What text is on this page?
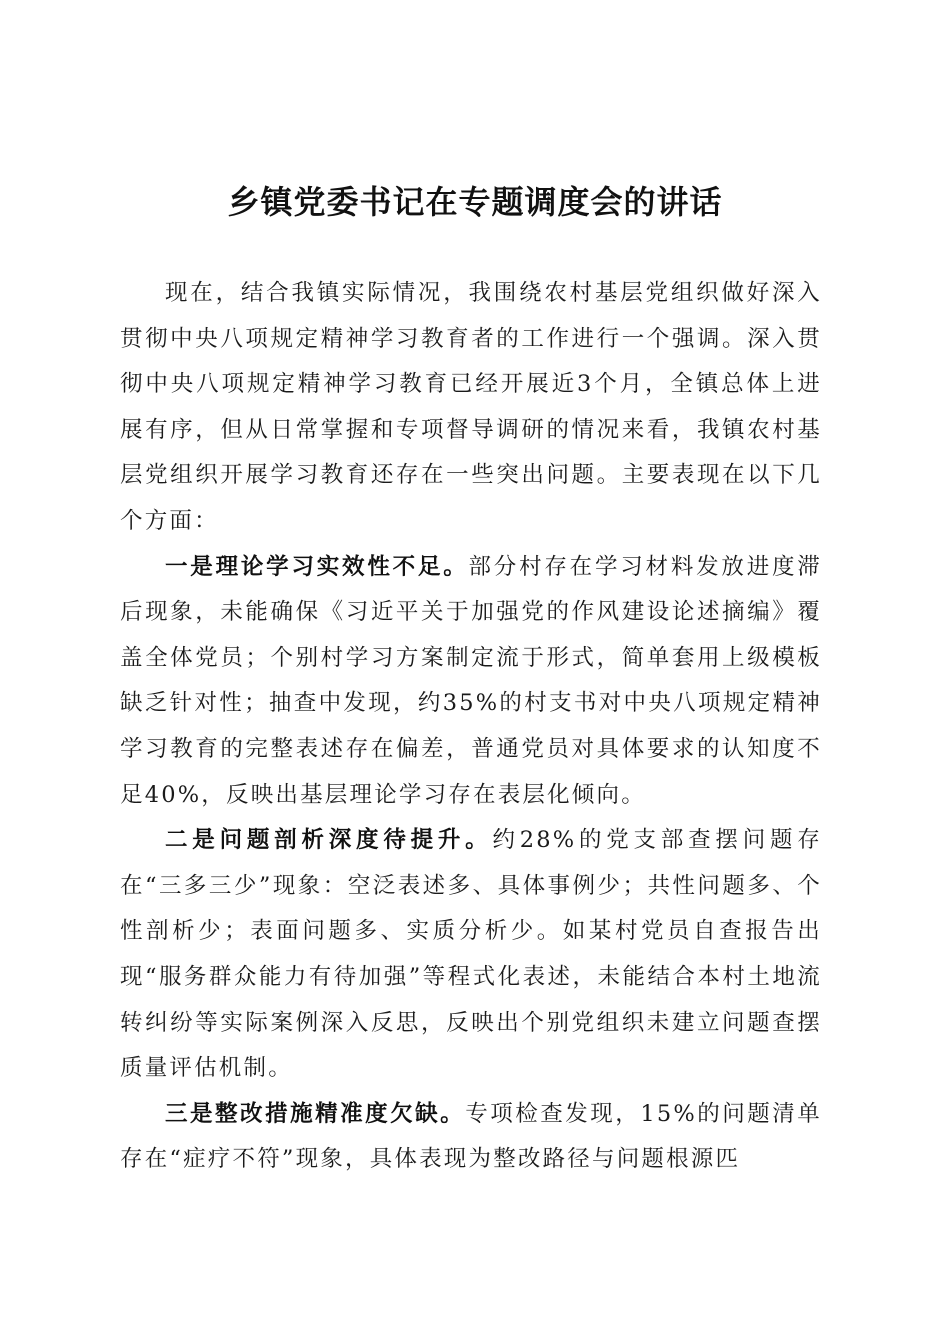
乡镇党委书记在专题调度会的讲话

现在，结合我镇实际情况，我围绕农村基层党组织做好深入贯彻中央八项规定精神学习教育者的工作进行一个强调。深入贯彻中央八项规定精神学习教育已经开展近3个月，全镇总体上进展有序，但从日常掌握和专项督导调研的情况来看，我镇农村基层党组织开展学习教育还存在一些突出问题。主要表现在以下几个方面：

一是理论学习实效性不足。部分村存在学习材料发放进度滞后现象，未能确保《习近平关于加强党的作风建设论述摘编》覆盖全体党员；个别村学习方案制定流于形式，简单套用上级模板缺乏针对性；抽查中发现，约35%的村支书对中央八项规定精神学习教育的完整表述存在偏差，普通党员对具体要求的认知度不足40%，反映出基层理论学习存在表层化倾向。

二是问题剖析深度待提升。约28%的党支部查摆问题存在“三多三少”现象：空泛表述多、具体事例少；共性问题多、个性剖析少；表面问题多、实质分析少。如某村党员自查报告出现“服务群众能力有待加强”等程式化表述，未能结合本村土地流转纠纷等实际案例深入反思，反映出个别党组织未建立问题查摆质量评估机制。

三是整改措施精准度欠缺。专项检查发现，15%的问题清单存在“症疗不符”现象，具体表现为整改路径与问题根源匹
